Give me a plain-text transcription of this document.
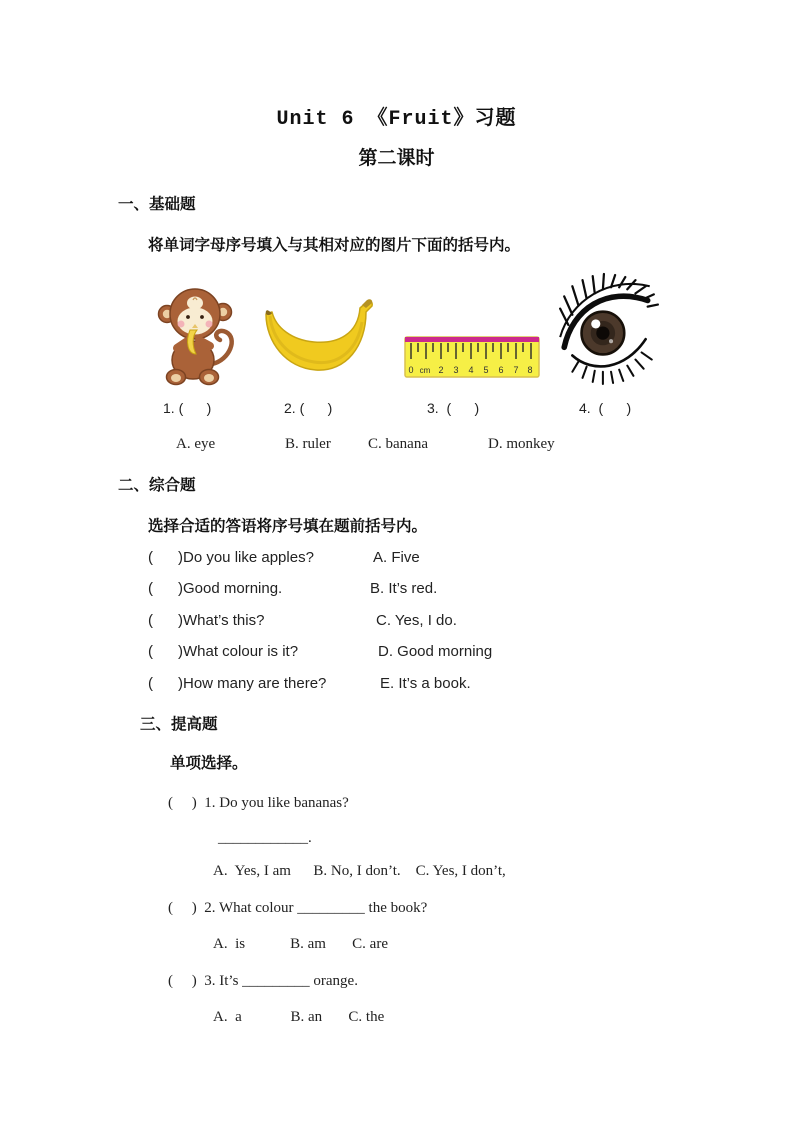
Unit 6 《Fruit》习题
第二课时
一、基础题
将单词字母序号填入与其相对应的图片下面的括号内。
0 cm 2 3 4 5 6 7 8
1. (      )	2. (      )	3.  (      )	4.  (      )
A. eye	B. ruler C. banana	D. monkey
二、综合题
选择合适的答语将序号填在题前括号内。
(      )Do you like apples?	A. Five
(      )Good morning.	B. It’s red.
(      )What’s this?	C. Yes, I do.
(      )What colour is it?	D. Good morning
(      )How many are there?	E. It’s a book.
三、提高题
单项选择。
(     )  1. Do you like bananas?
____________.
A.  Yes, I am      B. No, I don’t.    C. Yes, I don’t,
(     )  2. What colour _________ the book?
A.  is            B. am       C. are
(     )  3. It’s _________ orange.
A.  a             B. an       C. the
